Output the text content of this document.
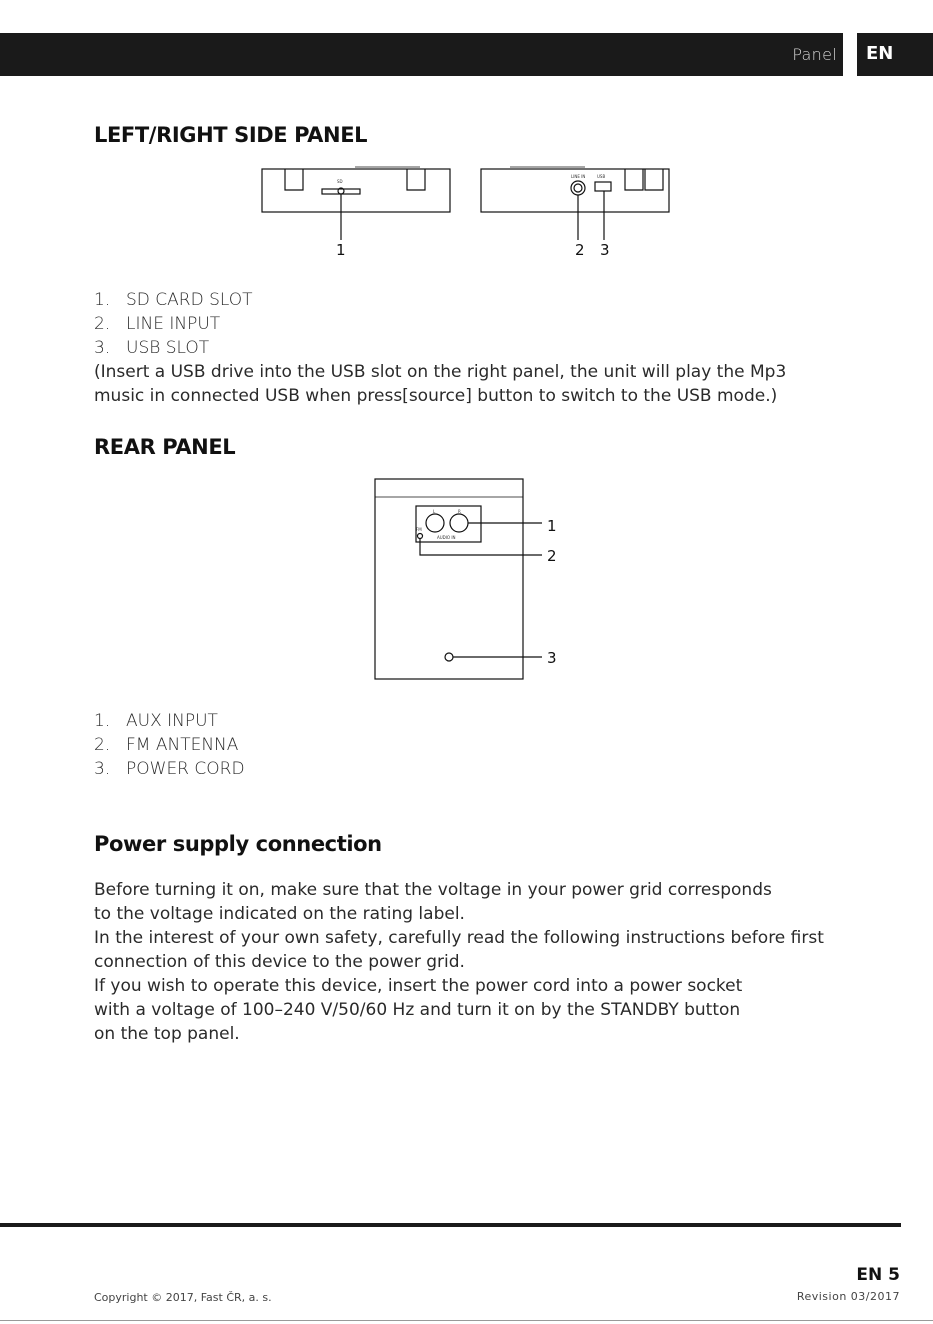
Panel EN
LEFT/RIGHT SIDE PANEL
SD
1
LINE IN	USB
2 3
1. SD CARD SLOT
2. LINE INPUT
3. USB SLOT

(Insert a USB drive into the USB slot on the right panel, the unit will play the Mp3
music in connected USB when press[source] button to switch to the USB mode.)

REAR PANEL
L	R
AUDIO IN
FM	1
2
3
1. AUX INPUT
2. FM ANTENNA
3. POWER CORD
Power supply connection

Before turning it on, make sure that the voltage in your power grid corresponds
to the voltage indicated on the rating label.
In the interest of your own safety, carefully read the following instructions before first
connection of this device to the power grid.
If you wish to operate this device, insert the power cord into a power socket
with a voltage of 100–240 V/50/60 Hz and turn it on by the STANDBY button
on the top panel.

EN 5
Revision 03/2017
Copyright © 2017, Fast ČR, a. s.
